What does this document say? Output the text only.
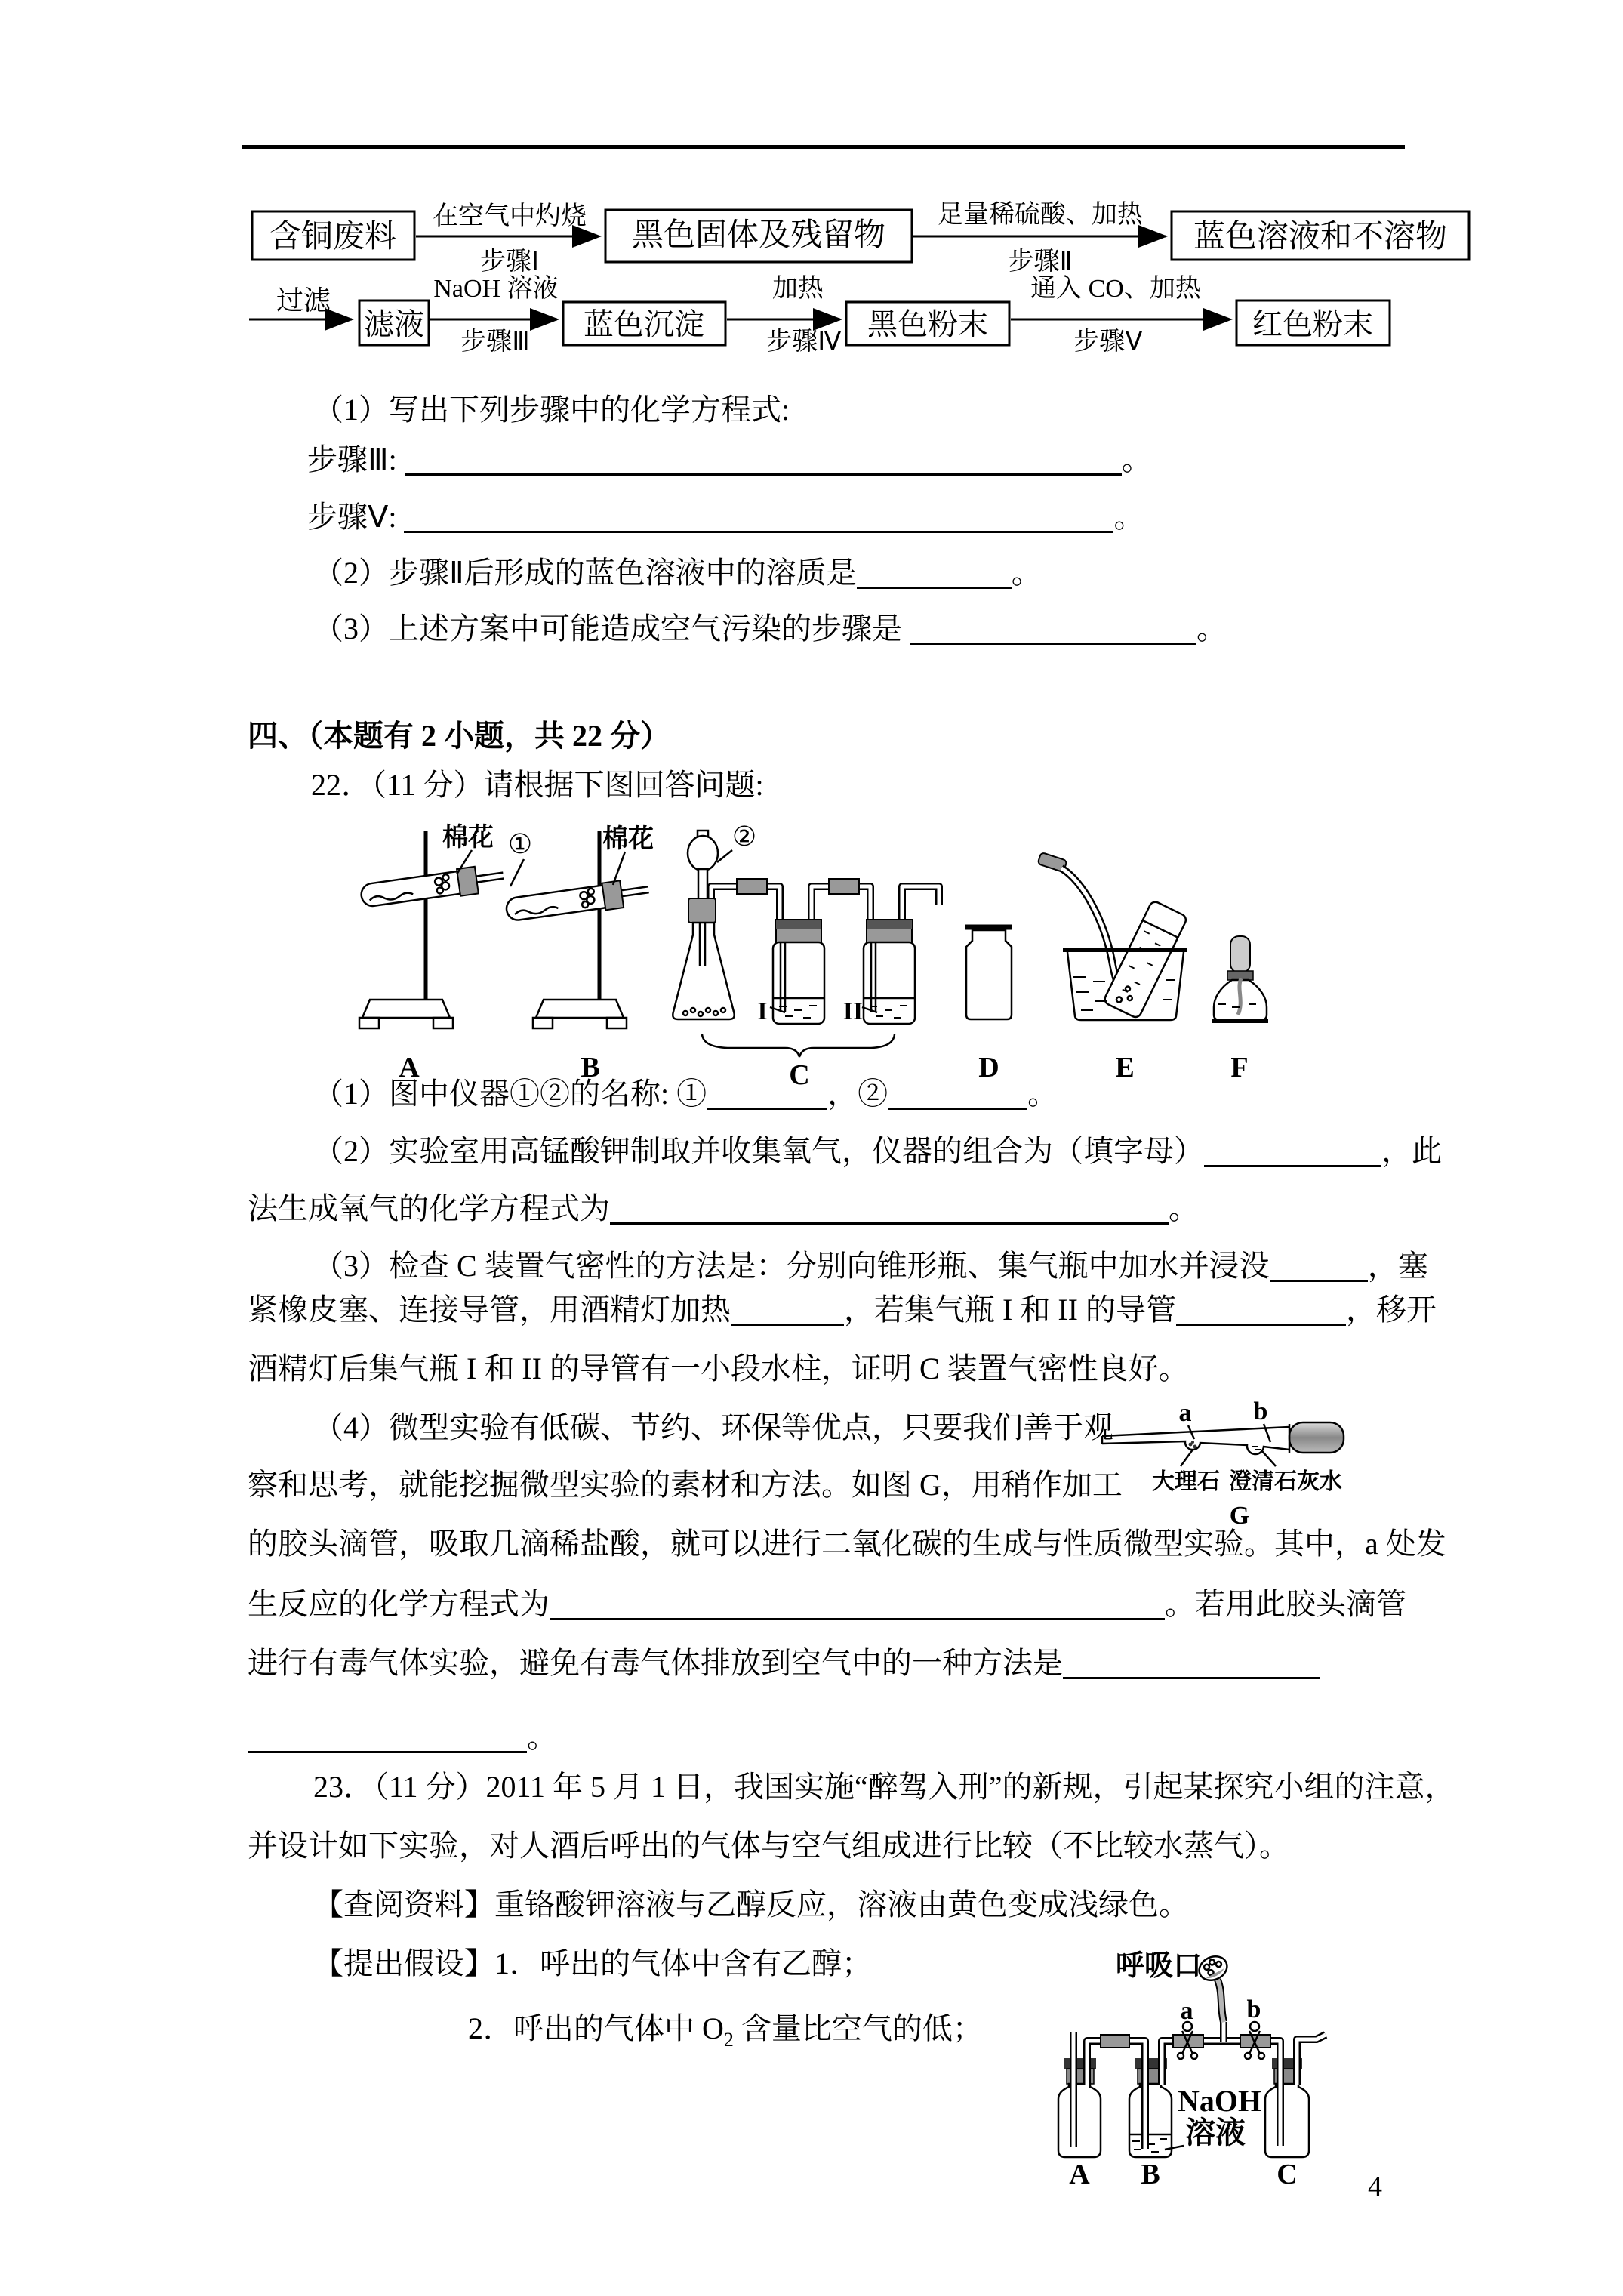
含铜废料
在空气中灼烧
步骤Ⅰ
黑色固体及残留物
足量稀硫酸、加热
步骤Ⅱ
蓝色溶液和不溶物
过滤
滤液
NaOH 溶液
步骤Ⅲ
蓝色沉淀
加热
步骤Ⅳ
黑色粉末
通入 CO、加热
步骤Ⅴ
红色粉末
（1）写出下列步骤中的化学方程式:
步骤Ⅲ:	。
步骤Ⅴ:	。
（2）步骤Ⅱ后形成的蓝色溶液中的溶质是	。
（3）上述方案中可能造成空气污染的步骤是	。
四、（本题有 2 小题，共 22 分）
22．（11 分）请根据下图回答问题:
棉花
A
①	棉花
B
②
I	II
C	D	E	F
（1）图中仪器①②的名称: ①	，②	。
（2）实验室用高锰酸钾制取并收集氧气，仪器的组合为（填字母）	，此
法生成氧气的化学方程式为	。
（3）检查 C 装置气密性的方法是：分别向锥形瓶、集气瓶中加水并浸没	，塞
紧橡皮塞、连接导管，用酒精灯加热	，若集气瓶 I 和 II 的导管	，移开
酒精灯后集气瓶 I 和 II 的导管有一小段水柱，证明 C 装置气密性良好。
（4）微型实验有低碳、节约、环保等优点，只要我们善于观
察和思考，就能挖掘微型实验的素材和方法。如图 G，用稍作加工
的胶头滴管，吸取几滴稀盐酸，就可以进行二氧化碳的生成与性质微型实验。其中，a 处发
生反应的化学方程式为	。若用此胶头滴管
进行有毒气体实验，避免有毒气体排放到空气中的一种方法是
。
a b
大理石 澄清石灰水
G
23．（11 分）2011 年 5 月 1 日，我国实施“醉驾入刑”的新规，引起某探究小组的注意，
并设计如下实验，对人酒后呼出的气体与空气组成进行比较（不比较水蒸气）。
【查阅资料】重铬酸钾溶液与乙醇反应，溶液由黄色变成浅绿色。
【提出假设】1．呼出的气体中含有乙醇；
2．呼出的气体中 $O_2$ 含量比空气的低；
呼吸口
a b
NaOH
溶液
A B	C 4
